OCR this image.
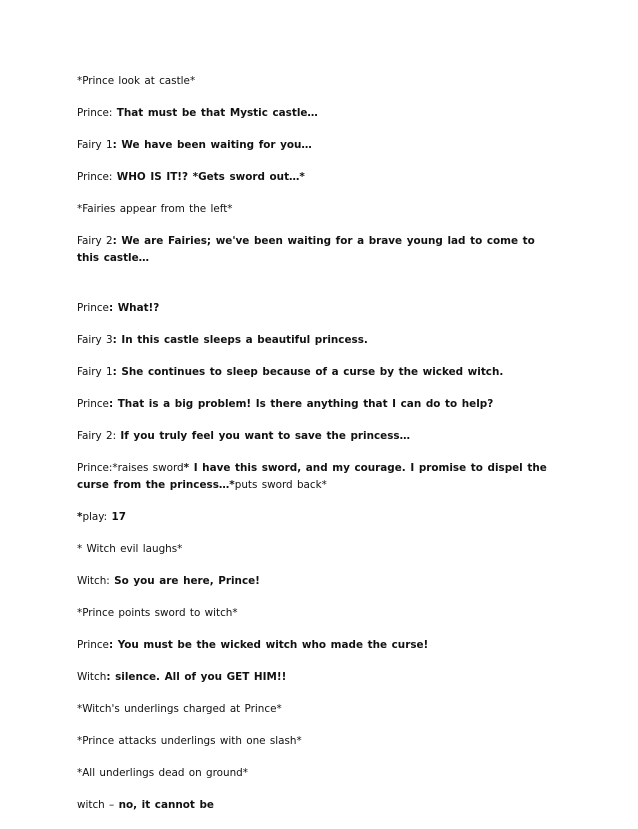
*Prince look at castle*

Prince: That must be that Mystic castle…

Fairy 1: We have been waiting for you…

Prince: WHO IS IT!? *Gets sword out…*

*Fairies appear from the left*

Fairy 2: We are Fairies; we've been waiting for a brave young lad to come to this castle…

Prince: What!?

Fairy 3: In this castle sleeps a beautiful princess.

Fairy 1: She continues to sleep because of a curse by the wicked witch.

Prince: That is a big problem! Is there anything that I can do to help?

Fairy 2: If you truly feel you want to save the princess…

Prince:*raises sword* I have this sword, and my courage. I promise to dispel the curse from the princess…*puts sword back*

*play: 17

* Witch evil laughs*

Witch: So you are here, Prince!

*Prince points sword to witch*

Prince: You must be the wicked witch who made the curse!

Witch: silence. All of you GET HIM!!

*Witch's underlings charged at Prince*

*Prince attacks underlings with one slash*

*All underlings dead on ground*

witch – no, it cannot be
